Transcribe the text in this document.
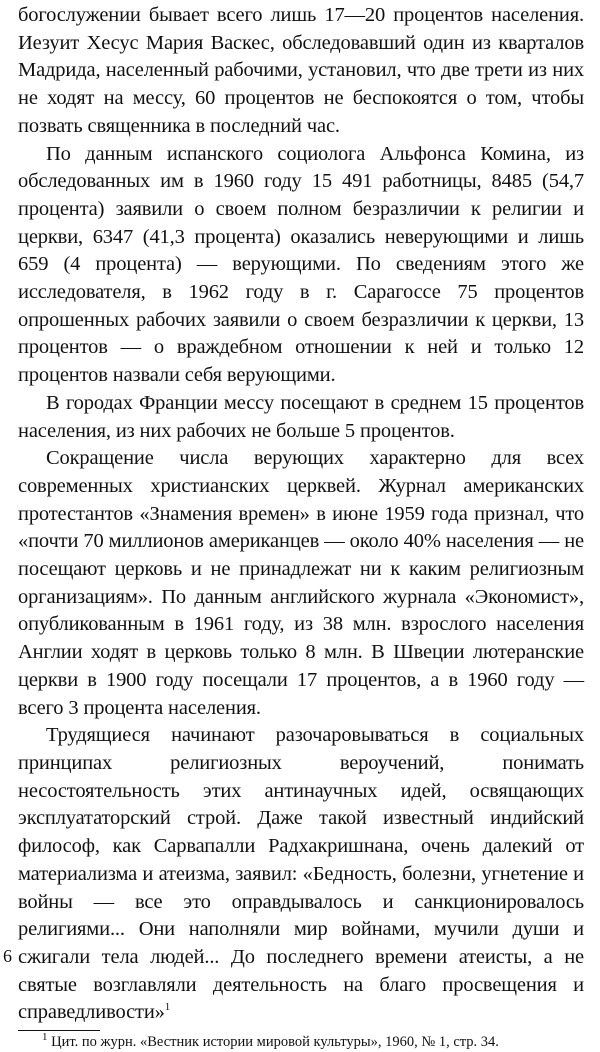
богослужении бывает всего лишь 17—20 процентов населения. Иезуит Хесус Мария Васкес, обследовавший один из кварталов Мадрида, населенный рабочими, установил, что две трети из них не ходят на мессу, 60 процентов не беспокоятся о том, чтобы позвать священника в последний час.

По данным испанского социолога Альфонса Комина, из обследованных им в 1960 году 15 491 работницы, 8485 (54,7 процента) заявили о своем полном безразличии к религии и церкви, 6347 (41,3 процента) оказались неверующими и лишь 659 (4 процента) — верующими. По сведениям этого же исследователя, в 1962 году в г. Сарагоссе 75 процентов опрошенных рабочих заявили о своем безразличии к церкви, 13 процентов — о враждебном отношении к ней и только 12 процентов назвали себя верующими.

В городах Франции мессу посещают в среднем 15 процентов населения, из них рабочих не больше 5 процентов.

Сокращение числа верующих характерно для всех современных христианских церквей. Журнал американских протестантов «Знамения времен» в июне 1959 года признал, что «почти 70 миллионов американцев — около 40% населения — не посещают церковь и не принадлежат ни к каким религиозным организациям». По данным английского журнала «Экономист», опубликованным в 1961 году, из 38 млн. взрослого населения Англии ходят в церковь только 8 млн. В Швеции лютеранские церкви в 1900 году посещали 17 процентов, а в 1960 году — всего 3 процента населения.

Трудящиеся начинают разочаровываться в социальных принципах религиозных вероучений, понимать несостоятельность этих антинаучных идей, освящающих эксплуататорский строй. Даже такой известный индийский философ, как Сарвапалли Радхакришнана, очень далекий от материализма и атеизма, заявил: «Бедность, болезни, угнетение и войны — все это оправдывалось и санкционировалось религиями... Они наполняли мир войнами, мучили души и сжигали тела людей... До последнего времени атеисты, а не святые возглавляли деятельность на благо просвещения и справедливости»$^1$

$^1$ Цит. по журн. «Вестник истории мировой культуры», 1960, № 1, стр. 34.

6
